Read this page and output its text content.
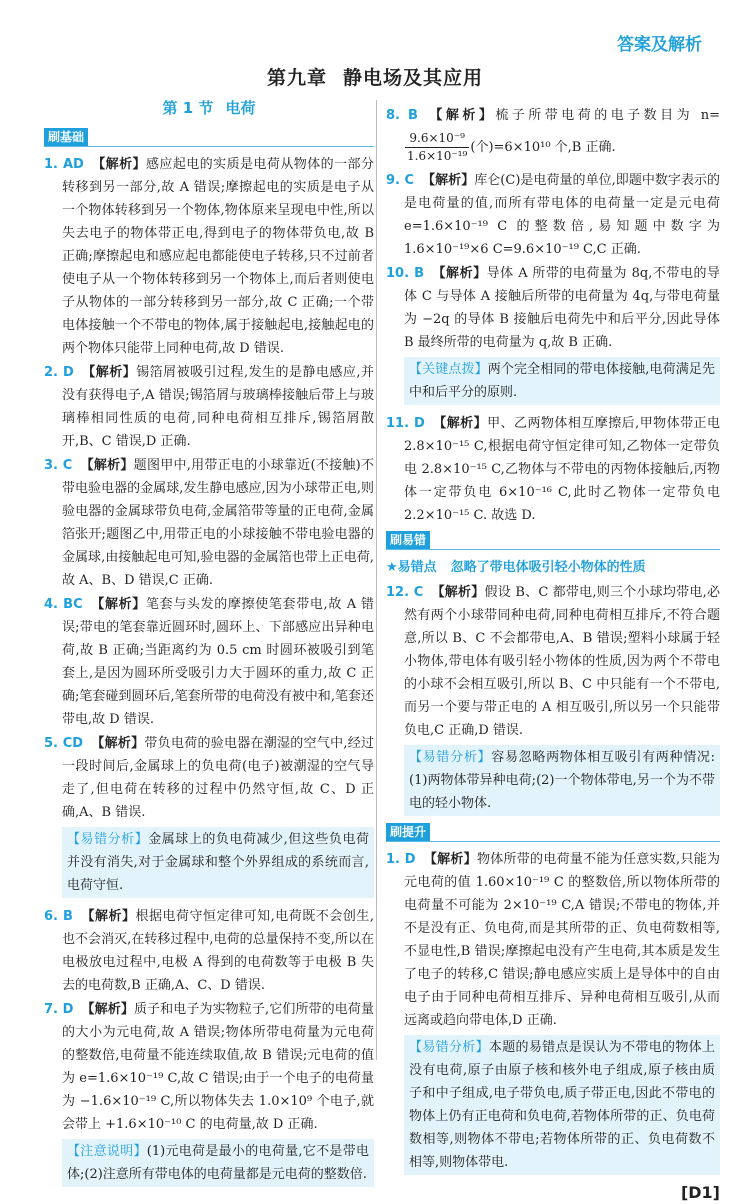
答案及解析
第九章 静电场及其应用
第 1 节 电荷
刷基础
1. AD 【解析】感应起电的实质是电荷从物体的一部分转移到另一部分,故 A 错误;摩擦起电的实质是电子从一个物体转移到另一个物体,物体原来呈现电中性,所以失去电子的物体带正电,得到电子的物体带负电,故 B 正确;摩擦起电和感应起电都能使电子转移,只不过前者使电子从一个物体转移到另一个物体上,而后者则使电子从物体的一部分转移到另一部分,故 C 正确;一个带电体接触一个不带电的物体,属于接触起电,接触起电的两个物体只能带上同种电荷,故 D 错误.
2. D 【解析】锡箔屑被吸引过程,发生的是静电感应,并没有获得电子,A 错误;锡箔屑与玻璃棒接触后带上与玻璃棒相同性质的电荷,同种电荷相互排斥,锡箔屑散开,B、C 错误,D 正确.
3. C 【解析】题图甲中,用带正电的小球靠近(不接触)不带电验电器的金属球,发生静电感应,因为小球带正电,则验电器的金属球带负电荷,金属箔带等量的正电荷,金属箔张开;题图乙中,用带正电的小球接触不带电验电器的金属球,由接触起电可知,验电器的金属箔也带上正电荷,故 A、B、D 错误,C 正确.
4. BC 【解析】笔套与头发的摩擦使笔套带电,故 A 错误;带电的笔套靠近圆环时,圆环上、下部感应出异种电荷,故 B 正确;当距离约为 0.5 cm 时圆环被吸引到笔套上,是因为圆环所受吸引力大于圆环的重力,故 C 正确;笔套碰到圆环后,笔套所带的电荷没有被中和,笔套还带电,故 D 错误.
5. CD 【解析】带负电荷的验电器在潮湿的空气中,经过一段时间后,金属球上的负电荷(电子)被潮湿的空气导走了,但电荷在转移的过程中仍然守恒,故 C、D 正确,A、B 错误.
【易错分析】金属球上的负电荷减少,但这些负电荷并没有消失,对于金属球和整个外界组成的系统而言,电荷守恒.
6. B 【解析】根据电荷守恒定律可知,电荷既不会创生,也不会消灭,在转移过程中,电荷的总量保持不变,所以在电极放电过程中,电极 A 得到的电荷数等于电极 B 失去的电荷数,B 正确,A、C、D 错误.
7. D 【解析】质子和电子为实物粒子,它们所带的电荷量的大小为元电荷,故 A 错误;物体所带电荷量为元电荷的整数倍,电荷量不能连续取值,故 B 错误;元电荷的值为 e=1.6×10⁻¹⁹ C,故 C 错误;由于一个电子的电荷量为 −1.6×10⁻¹⁹ C,所以物体失去 1.0×10⁹ 个电子,就会带上 +1.6×10⁻¹⁰ C 的电荷量,故 D 正确.
【注意说明】(1)元电荷是最小的电荷量,它不是带电体;(2)注意所有带电体的电荷量都是元电荷的整数倍.
8. B 【解析】梳子所带电荷的电子数目为 n=
$\frac{\text{9.6×10⁻⁹}}{\text{1.6×10⁻¹⁹}}$ (个)=6×10¹⁰ 个,B 正确.
9. C 【解析】库仑(C)是电荷量的单位,即题中数字表示的是电荷量的值,而所有带电体的电荷量一定是元电荷 e=1.6×10⁻¹⁹ C 的整数倍,易知题中数字为 1.6×10⁻¹⁹×6 C=9.6×10⁻¹⁹ C,C 正确.
10. B 【解析】导体 A 所带的电荷量为 8q,不带电的导体 C 与导体 A 接触后所带的电荷量为 4q,与带电荷量为 −2q 的导体 B 接触后电荷先中和后平分,因此导体 B 最终所带的电荷量为 q,故 B 正确.
【关键点拨】两个完全相同的带电体接触,电荷满足先中和后平分的原则.
11. D 【解析】甲、乙两物体相互摩擦后,甲物体带正电 2.8×10⁻¹⁵ C,根据电荷守恒定律可知,乙物体一定带负电 2.8×10⁻¹⁵ C,乙物体与不带电的丙物体接触后,丙物体一定带负电 6×10⁻¹⁶ C,此时乙物体一定带负电 2.2×10⁻¹⁵ C. 故选 D.
刷易错
★易错点 忽略了带电体吸引轻小物体的性质
12. C 【解析】假设 B、C 都带电,则三个小球均带电,必然有两个小球带同种电荷,同种电荷相互排斥,不符合题意,所以 B、C 不会都带电,A、B 错误;塑料小球属于轻小物体,带电体有吸引轻小物体的性质,因为两个不带电的小球不会相互吸引,所以 B、C 中只能有一个不带电,而另一个要与带正电的 A 相互吸引,所以另一个只能带负电,C 正确,D 错误.
【易错分析】容易忽略两物体相互吸引有两种情况:(1)两物体带异种电荷;(2)一个物体带电,另一个为不带电的轻小物体.
刷提升
1. D 【解析】物体所带的电荷量不能为任意实数,只能为元电荷的值 1.60×10⁻¹⁹ C 的整数倍,所以物体所带的电荷量不可能为 2×10⁻¹⁹ C,A 错误;不带电的物体,并不是没有正、负电荷,而是其所带的正、负电荷数相等,不显电性,B 错误;摩擦起电没有产生电荷,其本质是发生了电子的转移,C 错误;静电感应实质上是导体中的自由电子由于同种电荷相互排斥、异种电荷相互吸引,从而远离或趋向带电体,D 正确.
【易错分析】本题的易错点是误认为不带电的物体上没有电荷,原子由原子核和核外电子组成,原子核由质子和中子组成,电子带负电,质子带正电,因此不带电的物体上仍有正电荷和负电荷,若物体所带的正、负电荷数相等,则物体不带电;若物体所带的正、负电荷数不相等,则物体带电.
[D1]
